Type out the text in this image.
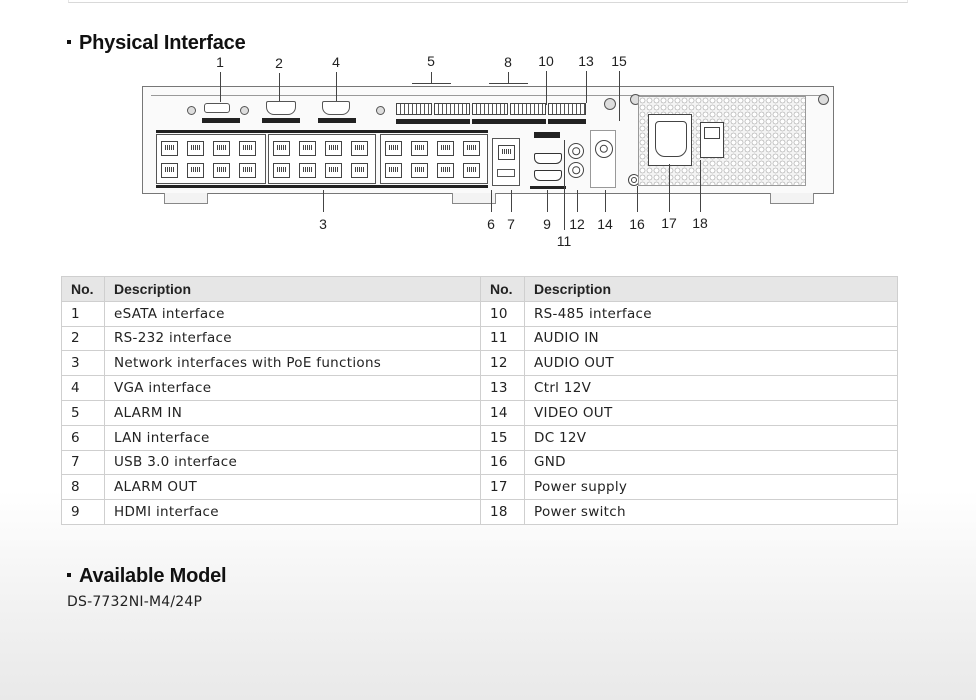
Physical Interface
1	2	4	5	8 10 13 15
3	6 7 9
11
12 14 16 17 18
No.	Description	No.	Description
1	eSATA interface	10	RS-485 interface
2	RS-232 interface	11	AUDIO IN
3	Network interfaces with PoE functions	12	AUDIO OUT
4	VGA interface	13	Ctrl 12V
5	ALARM IN	14	VIDEO OUT
6	LAN interface	15	DC 12V
7	USB 3.0 interface	16	GND
8	ALARM OUT	17	Power supply
9	HDMI interface	18	Power switch
Available Model
DS-7732NI-M4/24P
